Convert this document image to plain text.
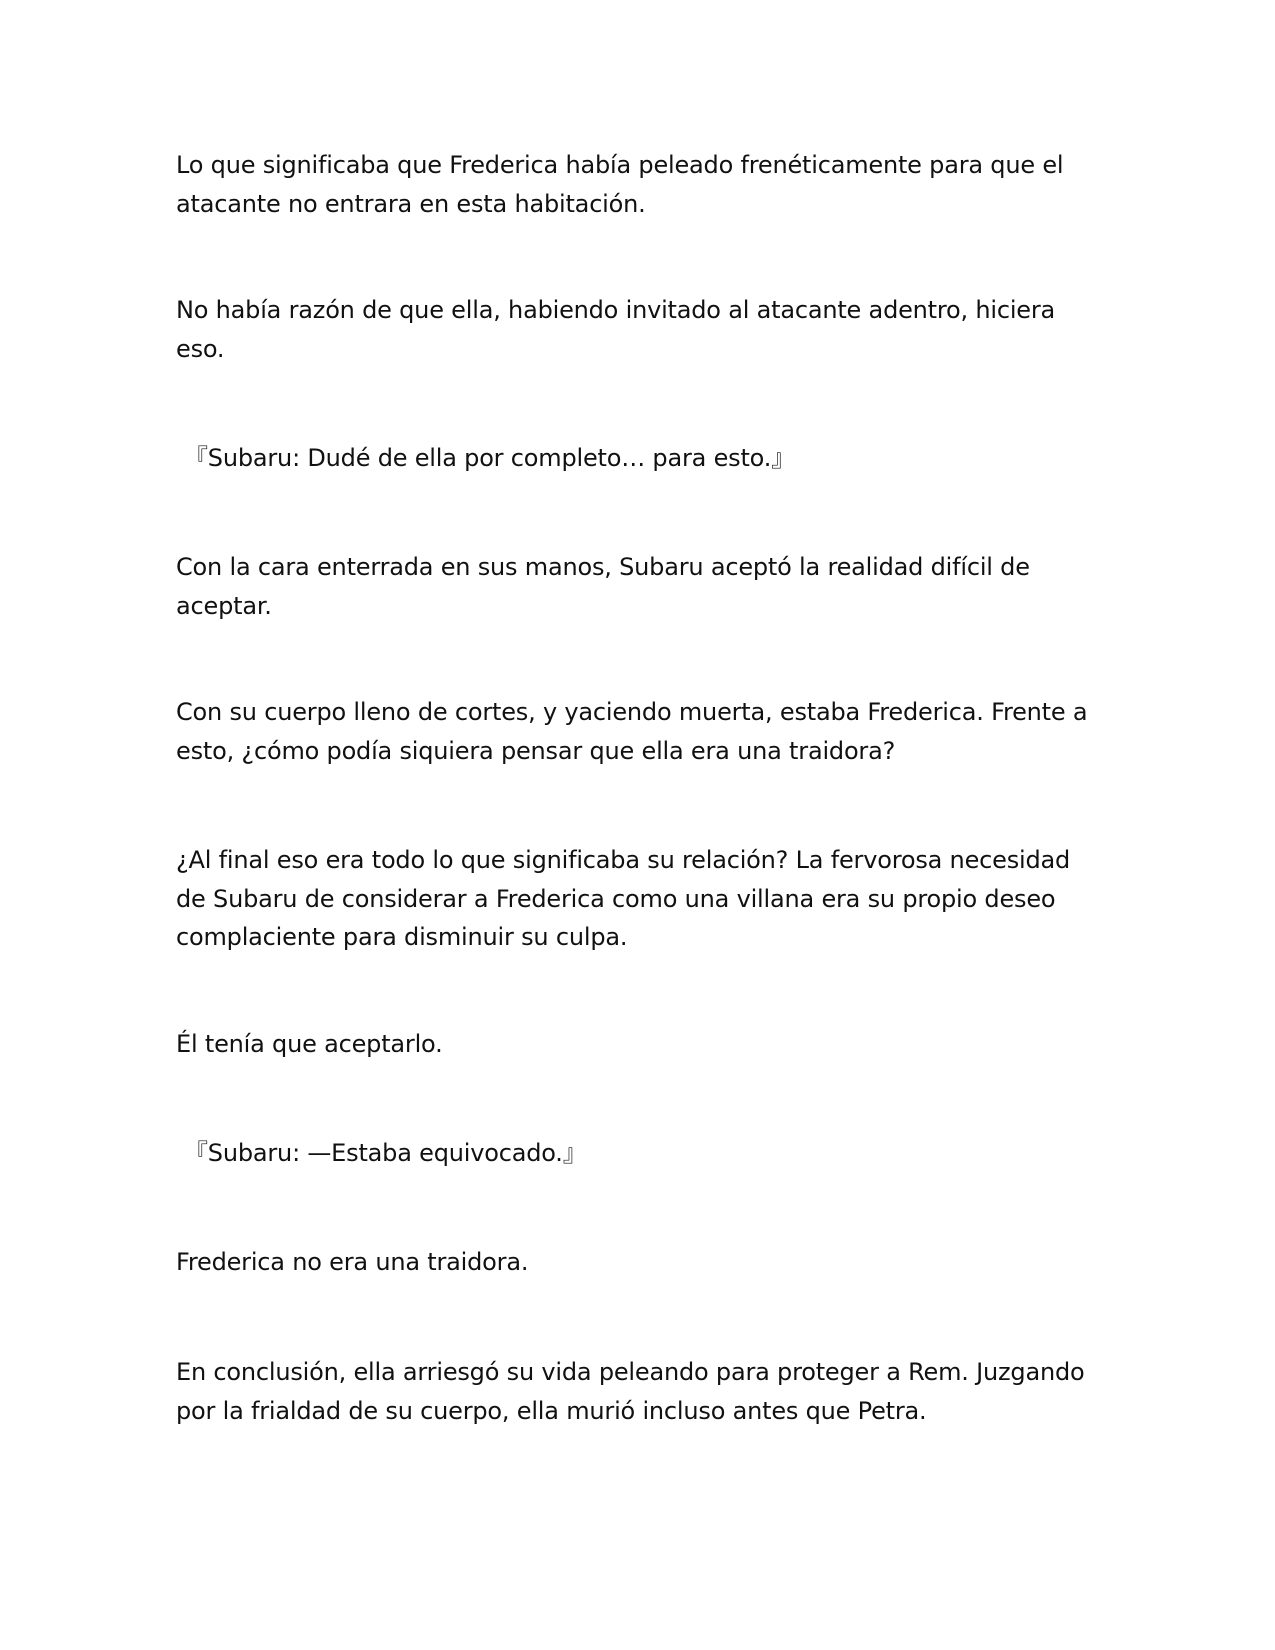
Lo que significaba que Frederica había peleado frenéticamente para que el
atacante no entrara en esta habitación.

No había razón de que ella, habiendo invitado al atacante adentro, hiciera
eso.

『Subaru: Dudé de ella por completo… para esto.』

Con la cara enterrada en sus manos, Subaru aceptó la realidad difícil de
aceptar.

Con su cuerpo lleno de cortes, y yaciendo muerta, estaba Frederica. Frente a
esto, ¿cómo podía siquiera pensar que ella era una traidora?

¿Al final eso era todo lo que significaba su relación? La fervorosa necesidad
de Subaru de considerar a Frederica como una villana era su propio deseo
complaciente para disminuir su culpa.

Él tenía que aceptarlo.

『Subaru: —Estaba equivocado.』

Frederica no era una traidora.

En conclusión, ella arriesgó su vida peleando para proteger a Rem. Juzgando
por la frialdad de su cuerpo, ella murió incluso antes que Petra.
